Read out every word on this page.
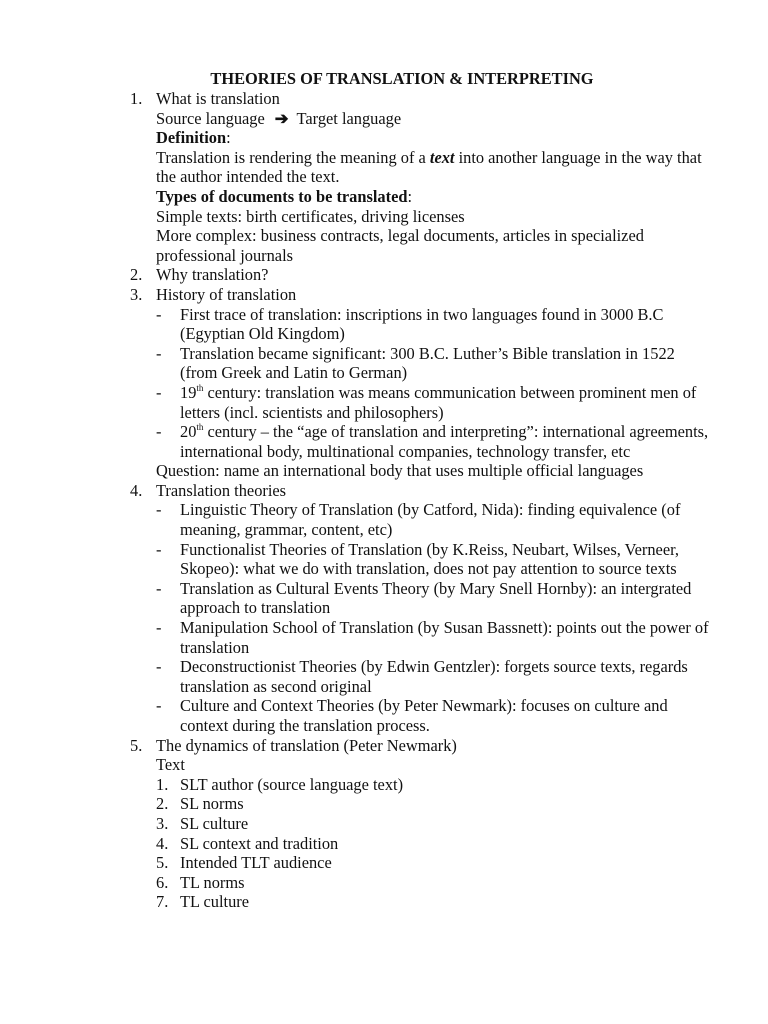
THEORIES OF TRANSLATION & INTERPRETING
1. What is translation
Source language ➔ Target language
Definition:
Translation is rendering the meaning of a text into another language in the way that the author intended the text.
Types of documents to be translated:
Simple texts: birth certificates, driving licenses
More complex: business contracts, legal documents, articles in specialized professional journals
2. Why translation?
3. History of translation
- First trace of translation: inscriptions in two languages found in 3000 B.C (Egyptian Old Kingdom)
- Translation became significant: 300 B.C. Luther’s Bible translation in 1522 (from Greek and Latin to German)
- 19th century: translation was means communication between prominent men of letters (incl. scientists and philosophers)
- 20th century – the “age of translation and interpreting”: international agreements, international body, multinational companies, technology transfer, etc
Question: name an international body that uses multiple official languages
4. Translation theories
- Linguistic Theory of Translation (by Catford, Nida): finding equivalence (of meaning, grammar, content, etc)
- Functionalist Theories of Translation (by K.Reiss, Neubart, Wilses, Verneer, Skopeo): what we do with translation, does not pay attention to source texts
- Translation as Cultural Events Theory (by Mary Snell Hornby): an intergrated approach to translation
- Manipulation School of Translation (by Susan Bassnett): points out the power of translation
- Deconstructionist Theories (by Edwin Gentzler): forgets source texts, regards translation as second original
- Culture and Context Theories (by Peter Newmark): focuses on culture and context during the translation process.
5. The dynamics of translation (Peter Newmark)
Text
1. SLT author (source language text)
2. SL norms
3. SL culture
4. SL context and tradition
5. Intended TLT audience
6. TL norms
7. TL culture
